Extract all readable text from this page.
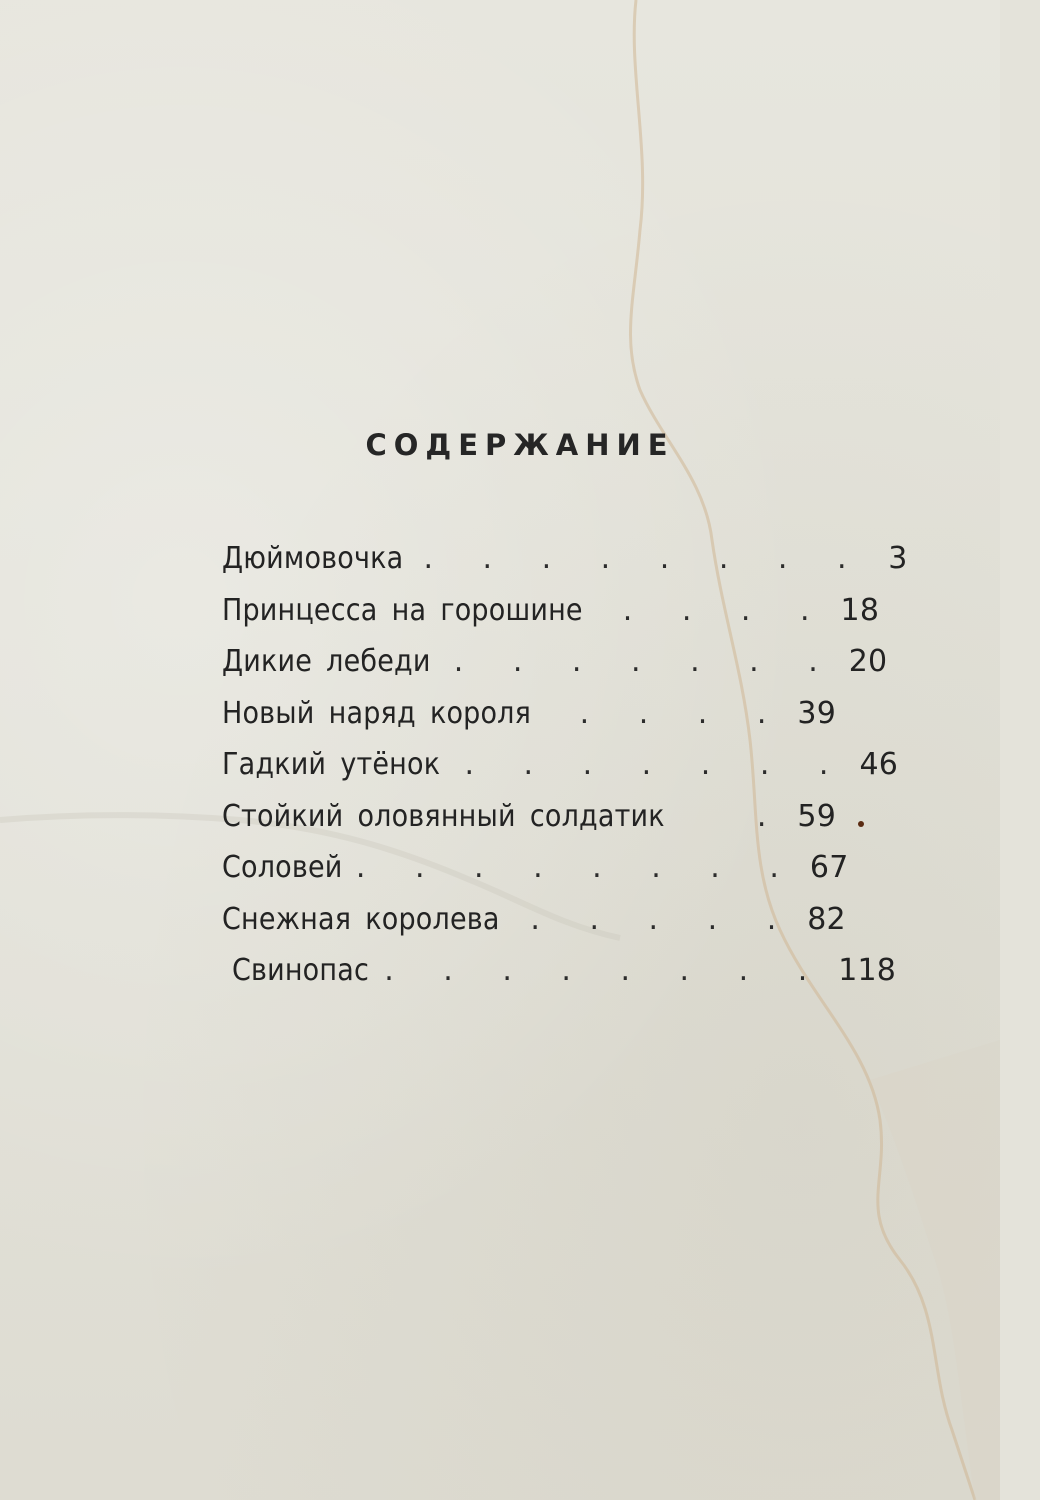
СОДЕРЖАНИЕ
Дюймовочка . . . . . . . . 3
Принцесса на горошине . . . . 18
Дикие лебеди . . . . . . . 20
Новый наряд короля	. . . . 39
Гадкий утёнок . . . . . . . 46
Стойкий оловянный солдатик	. 59
Соловей . . . . . . . . 67
Снежная королева . . . . . 82
Свинопас . . . . . . . . 118
